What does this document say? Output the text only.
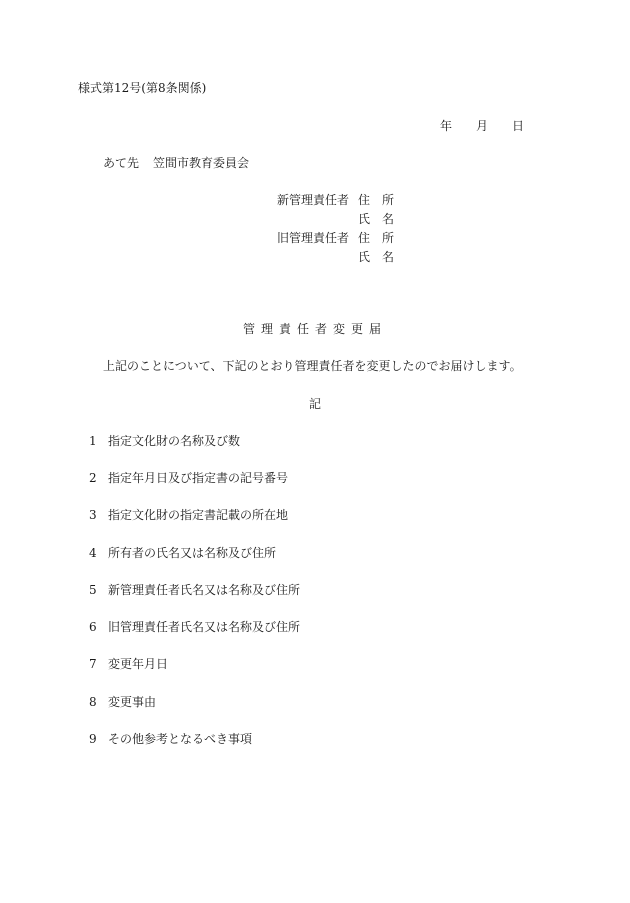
様式第12号(第8条関係)
年 月 日
あて先 笠間市教育委員会
新管理責任者 住　所
氏　名
旧管理責任者 住　所
氏　名
管理責任者変更届
上記のことについて、下記のとおり管理責任者を変更したのでお届けします。
記
1 指定文化財の名称及び数
2 指定年月日及び指定書の記号番号
3 指定文化財の指定書記載の所在地
4 所有者の氏名又は名称及び住所
5 新管理責任者氏名又は名称及び住所
6 旧管理責任者氏名又は名称及び住所
7 変更年月日
8 変更事由
9 その他参考となるべき事項
